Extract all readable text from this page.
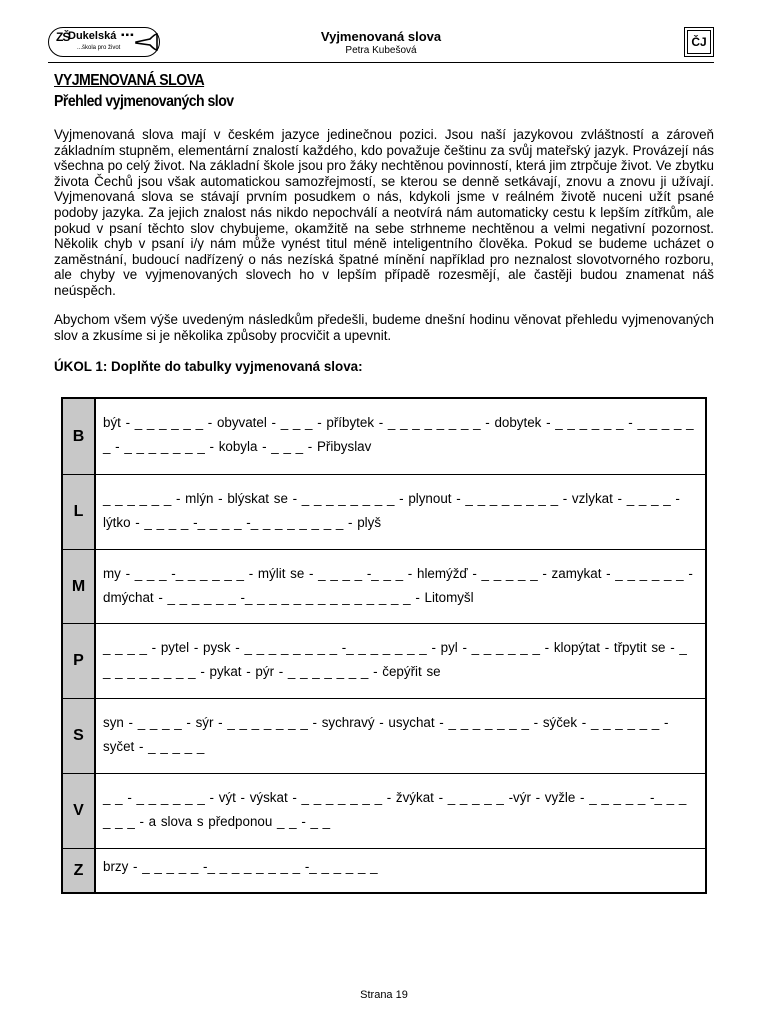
ZŠ
Dukelská ▪▪▪
...škola pro život
Vyjmenovaná slova
Petra Kubešová
ČJ
VYJMENOVANÁ SLOVA
Přehled vyjmenovaných slov
Vyjmenovaná slova mají v českém jazyce jedinečnou pozici. Jsou naší jazykovou zvláštností a zároveň základním stupněm, elementární znalostí každého, kdo považuje češtinu za svůj mateřský jazyk. Provázejí nás všechna po celý život. Na základní škole jsou pro žáky nechtěnou povinností, která jim ztrpčuje život. Ve zbytku života Čechů jsou však automatickou samozřejmostí, se kterou se denně setkávají, znovu a znovu ji užívají. Vyjmenovaná slova se stávají prvním posudkem o nás, kdykoli jsme v reálném životě nuceni užít psané podoby jazyka. Za jejich znalost nás nikdo nepochválí a neotvírá nám automaticky cestu k lepším zítřkům, ale pokud v psaní těchto slov chybujeme, okamžitě na sebe strhneme nechtěnou a velmi negativní pozornost. Několik chyb v psaní i/y nám může vynést titul méně inteligentního člověka. Pokud se budeme ucházet o zaměstnání, budoucí nadřízený o nás nezíská špatné mínění například pro neznalost slovotvorného rozboru, ale chyby ve vyjmenovaných slovech ho v lepším případě rozesmějí, ale častěji budou znamenat náš neúspěch.
Abychom všem výše uvedeným následkům předešli, budeme dnešní hodinu věnovat přehledu vyjmenovaných slov a zkusíme si je několika způsoby procvičit a upevnit.
ÚKOL 1: Doplňte do tabulky vyjmenovaná slova:
B
být - _ _ _ _ _ _ - obyvatel - _ _ _ - příbytek - _ _ _ _ _ _ _ _ - dobytek - _ _ _ _ _ _ - _ _ _ _ _ _ - _ _ _ _ _ _ _ - kobyla - _ _ _ - Přibyslav
L
_ _ _ _ _ _ - mlýn - blýskat se - _ _ _ _ _ _ _ _ - plynout - _ _ _ _ _ _ _ _ - vzlykat - _ _ _ _ - lýtko - _ _ _ _ -_ _ _ _ -_ _ _ _ _ _ _ _ - plyš
M
my - _ _ _ -_ _ _ _ _ _ - mýlit se - _ _ _ _ -_ _ _ - hlemýžď - _ _ _ _ _ - zamykat - _ _ _ _ _ _ - dmýchat - _ _ _ _ _ _ -_ _ _ _ _ _ _ _ _ _ _ _ _ _ - Litomyšl
P
_ _ _ _ - pytel - pysk - _ _ _ _ _ _ _ _ -_ _ _ _ _ _ _ - pyl - _ _ _ _ _ _ - klopýtat - třpytit se - _ _ _ _ _ _ _ _ _ - pykat - pýr - _ _ _ _ _ _ _ - čepýřit se
S
syn - _ _ _ _ - sýr - _ _ _ _ _ _ _ - sychravý - usychat - _ _ _ _ _ _ _ - sýček - _ _ _ _ _ _ - syčet - _ _ _ _ _
V
_ _ - _ _ _ _ _ _ - výt - výskat - _ _ _ _ _ _ _ - žvýkat - _ _ _ _ _ -výr - vyžle - _ _ _ _ _ -_ _ _ _ _ _ - a slova s předponou _ _ - _ _
Z	brzy - _ _ _ _ _ -_ _ _ _ _ _ _ _ -_ _ _ _ _ _
Strana 19
